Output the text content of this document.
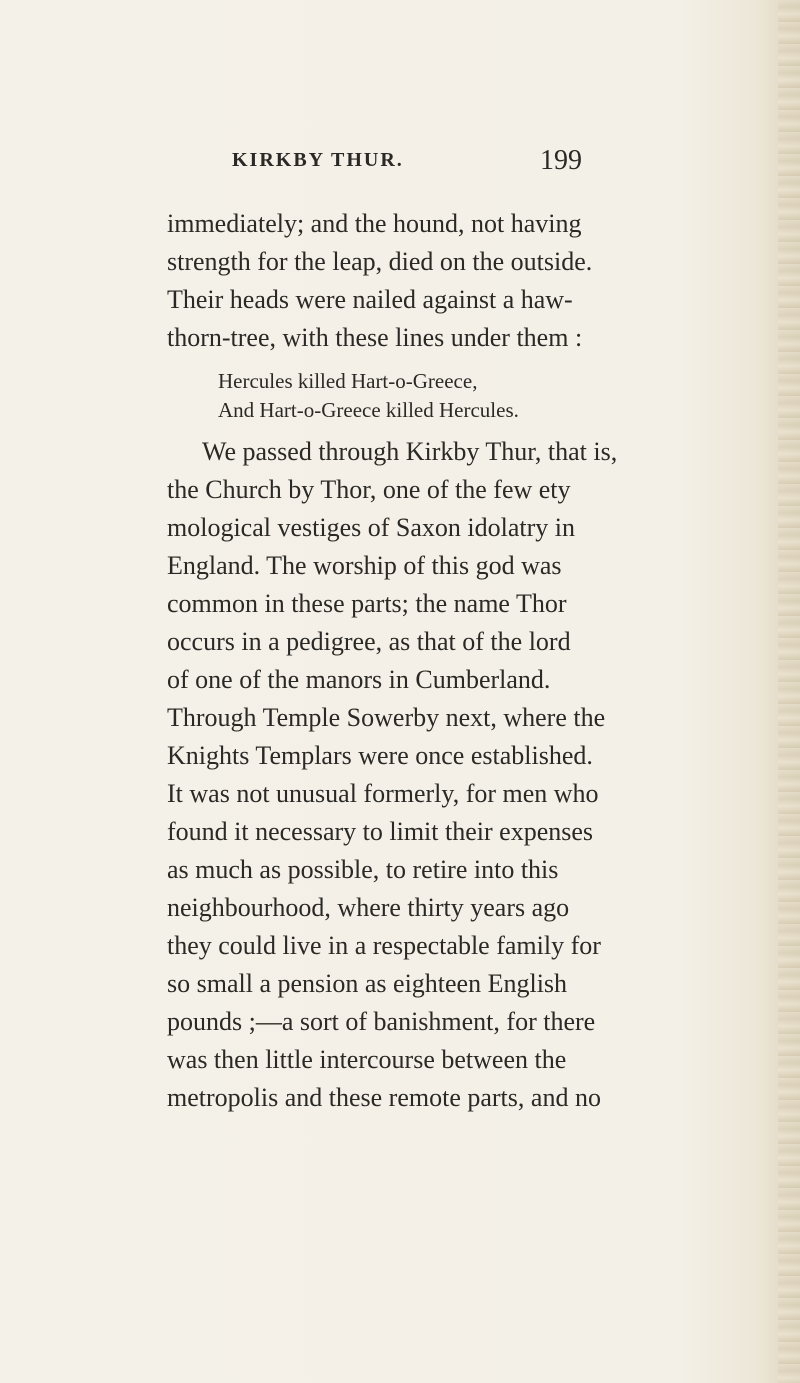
KIRKBY THUR.	199
immediately; and the hound, not having
strength for the leap, died on the outside.
Their heads were nailed against a haw-
thorn-tree, with these lines under them :
Hercules killed Hart-o-Greece,
And Hart-o-Greece killed Hercules.
We passed through Kirkby Thur, that is,
the Church by Thor, one of the few ety
mological vestiges of Saxon idolatry in
England. The worship of this god was
common in these parts; the name Thor
occurs in a pedigree, as that of the lord
of one of the manors in Cumberland.
Through Temple Sowerby next, where the
Knights Templars were once established.
It was not unusual formerly, for men who
found it necessary to limit their expenses
as much as possible, to retire into this
neighbourhood, where thirty years ago
they could live in a respectable family for
so small a pension as eighteen English
pounds ;—a sort of banishment, for there
was then little intercourse between the
metropolis and these remote parts, and no
